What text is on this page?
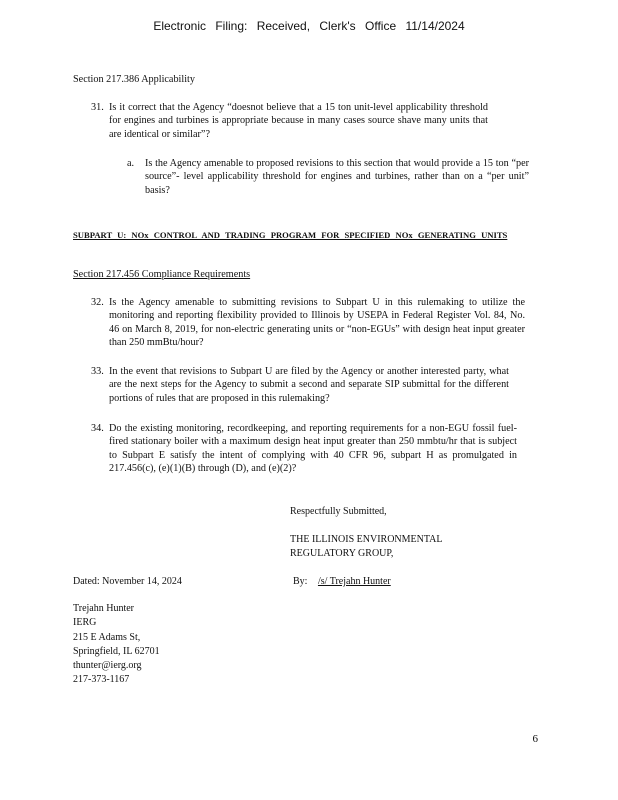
Electronic Filing: Received, Clerk's Office 11/14/2024
Section 217.386 Applicability
31. Is it correct that the Agency “doesnot believe that a 15 ton unit-level applicability threshold for engines and turbines is appropriate because in many cases source shave many units that are identical or similar”?
a.	Is the Agency amenable to proposed revisions to this section that would provide a 15 ton “per source”- level applicability threshold for engines and turbines, rather than on a “per unit” basis?
SUBPART U: NOx CONTROL AND TRADING PROGRAM FOR SPECIFIED NOx GENERATING UNITS
Section 217.456 Compliance Requirements
32. Is the Agency amenable to submitting revisions to Subpart U in this rulemaking to utilize the monitoring and reporting flexibility provided to Illinois by USEPA in Federal Register Vol. 84, No. 46 on March 8, 2019, for non-electric generating units or “non-EGUs” with design heat input greater than 250 mmBtu/hour?
33. In the event that revisions to Subpart U are filed by the Agency or another interested party, what are the next steps for the Agency to submit a second and separate SIP submittal for the different portions of rules that are proposed in this rulemaking?
34. Do the existing monitoring, recordkeeping, and reporting requirements for a non-EGU fossil fuel-fired stationary boiler with a maximum design heat input greater than 250 mmbtu/hr that is subject to Subpart E satisfy the intent of complying with 40 CFR 96, subpart H as promulgated in 217.456(c), (e)(1)(B) through (D), and (e)(2)?
Respectfully Submitted,
THE ILLINOIS ENVIRONMENTAL
REGULATORY GROUP,
Dated: November 14, 2024	By: /s/ Trejahn Hunter
Trejahn Hunter
IERG
215 E Adams St,
Springfield, IL 62701
thunter@ierg.org
217-373-1167
6
